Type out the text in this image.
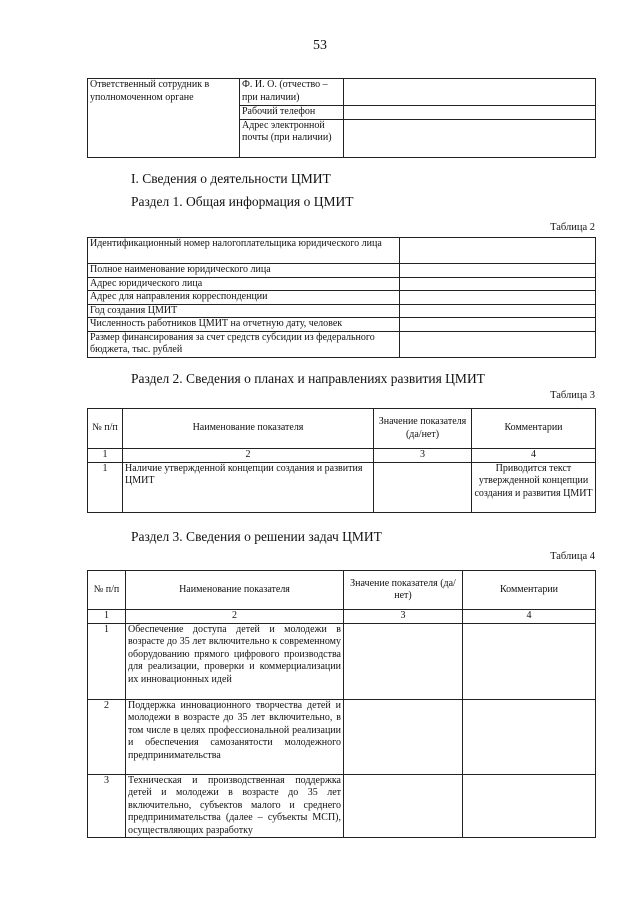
53
Ответственный сотрудник в уполномоченном органе	Ф. И. О. (отчество – при наличии)	
	Рабочий телефон	
	Адрес электронной почты (при наличии)	
I. Сведения о деятельности ЦМИТ
Раздел 1. Общая информация о ЦМИТ
Таблица 2
Идентификационный номер налогоплательщика юридического лица	
Полное наименование юридического лица	
Адрес юридического лица	
Адрес для направления корреспонденции	
Год создания ЦМИТ	
Численность работников ЦМИТ на отчетную дату, человек	
Размер финансирования за счет средств субсидии из федерального бюджета, тыс. рублей	
Раздел 2. Сведения о планах и направлениях развития ЦМИТ
Таблица 3
№ п/п	Наименование показателя	Значение показателя (да/нет)	Комментарии
1	2	3	4
1	Наличие утвержденной концепции создания и развития ЦМИТ		Приводится текст утвержденной концепции создания и развития ЦМИТ
Раздел 3. Сведения о решении задач ЦМИТ
Таблица 4
№ п/п	Наименование показателя	Значение показателя (да/нет)	Комментарии
1	2	3	4
1	Обеспечение доступа детей и молодежи в возрасте до 35 лет включительно к современному оборудованию прямого цифрового производства для реализации, проверки и коммерциализации их инновационных идей		
2	Поддержка инновационного творчества детей и молодежи в возрасте до 35 лет включительно, в том числе в целях профессиональной реализации и обеспечения самозанятости молодежного предпринимательства		
3	Техническая и производственная поддержка детей и молодежи в возрасте до 35 лет включительно, субъектов малого и среднего предпринимательства (далее – субъекты МСП), осуществляющих разработку		
